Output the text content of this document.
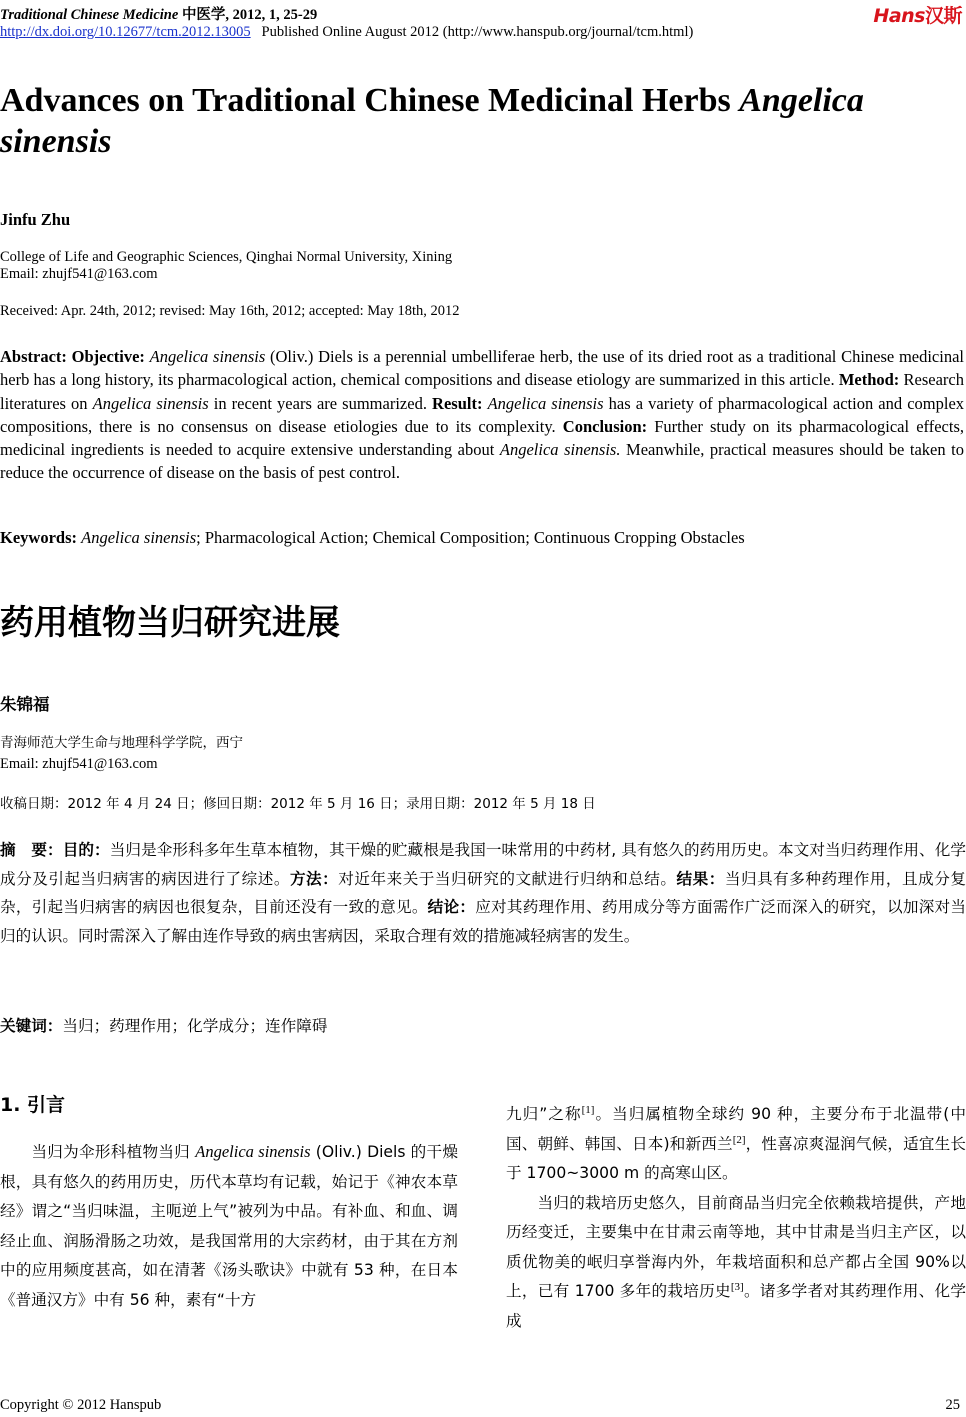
Traditional Chinese Medicine 中医学, 2012, 1, 25-29
http://dx.doi.org/10.12677/tcm.2012.13005 Published Online August 2012 (http://www.hanspub.org/journal/tcm.html)
Hans汉斯
Advances on Traditional Chinese Medicinal Herbs Angelica sinensis
Jinfu Zhu
College of Life and Geographic Sciences, Qinghai Normal University, Xining
Email: zhujf541@163.com
Received: Apr. 24th, 2012; revised: May 16th, 2012; accepted: May 18th, 2012

Abstract: Objective: Angelica sinensis (Oliv.) Diels is a perennial umbelliferae herb, the use of its dried root as a traditional Chinese medicinal herb has a long history, its pharmacological action, chemical compositions and disease etiology are summarized in this article. Method: Research literatures on Angelica sinensis in recent years are summarized. Result: Angelica sinensis has a variety of pharmacological action and complex compositions, there is no consensus on disease etiologies due to its complexity. Conclusion: Further study on its pharmacological effects, medicinal ingredients is needed to acquire extensive understanding about Angelica sinensis. Meanwhile, practical measures should be taken to reduce the occurrence of disease on the basis of pest control.

Keywords: Angelica sinensis; Pharmacological Action; Chemical Composition; Continuous Cropping Obstacles
药用植物当归研究进展
朱锦福
青海师范大学生命与地理科学学院，西宁
Email: zhujf541@163.com
收稿日期：2012 年 4 月 24 日；修回日期：2012 年 5 月 16 日；录用日期：2012 年 5 月 18 日

摘　要：目的：当归是伞形科多年生草本植物，其干燥的贮藏根是我国一味常用的中药材, 具有悠久的药用历史。本文对当归药理作用、化学成分及引起当归病害的病因进行了综述。方法：对近年来关于当归研究的文献进行归纳和总结。结果：当归具有多种药理作用，且成分复杂，引起当归病害的病因也很复杂，目前还没有一致的意见。结论：应对其药理作用、药用成分等方面需作广泛而深入的研究，以加深对当归的认识。同时需深入了解由连作导致的病虫害病因，采取合理有效的措施减轻病害的发生。

关键词：当归；药理作用；化学成分；连作障碍
1. 引言

  当归为伞形科植物当归 Angelica sinensis (Oliv.) Diels 的干燥根，具有悠久的药用历史，历代本草均有记载，始记于《神农本草经》谓之“当归味温，主呃逆上气”被列为中品。有补血、和血、调经止血、润肠滑肠之功效，是我国常用的大宗药材，由于其在方剂中的应用频度甚高，如在清著《汤头歌诀》中就有 53 种，在日本《普通汉方》中有 56 种，素有“十方

九归”之称[1]。当归属植物全球约 90 种，主要分布于北温带(中国、朝鲜、韩国、日本)和新西兰[2]，性喜凉爽湿润气候，适宜生长于 1700~3000 m 的高寒山区。

  当归的栽培历史悠久，目前商品当归完全依赖栽培提供，产地历经变迁，主要集中在甘肃云南等地，其中甘肃是当归主产区，以质优物美的岷归享誉海内外，年栽培面积和总产都占全国 90%以上，已有 1700 多年的栽培历史[3]。诸多学者对其药理作用、化学成

Copyright © 2012 Hanspub	25
